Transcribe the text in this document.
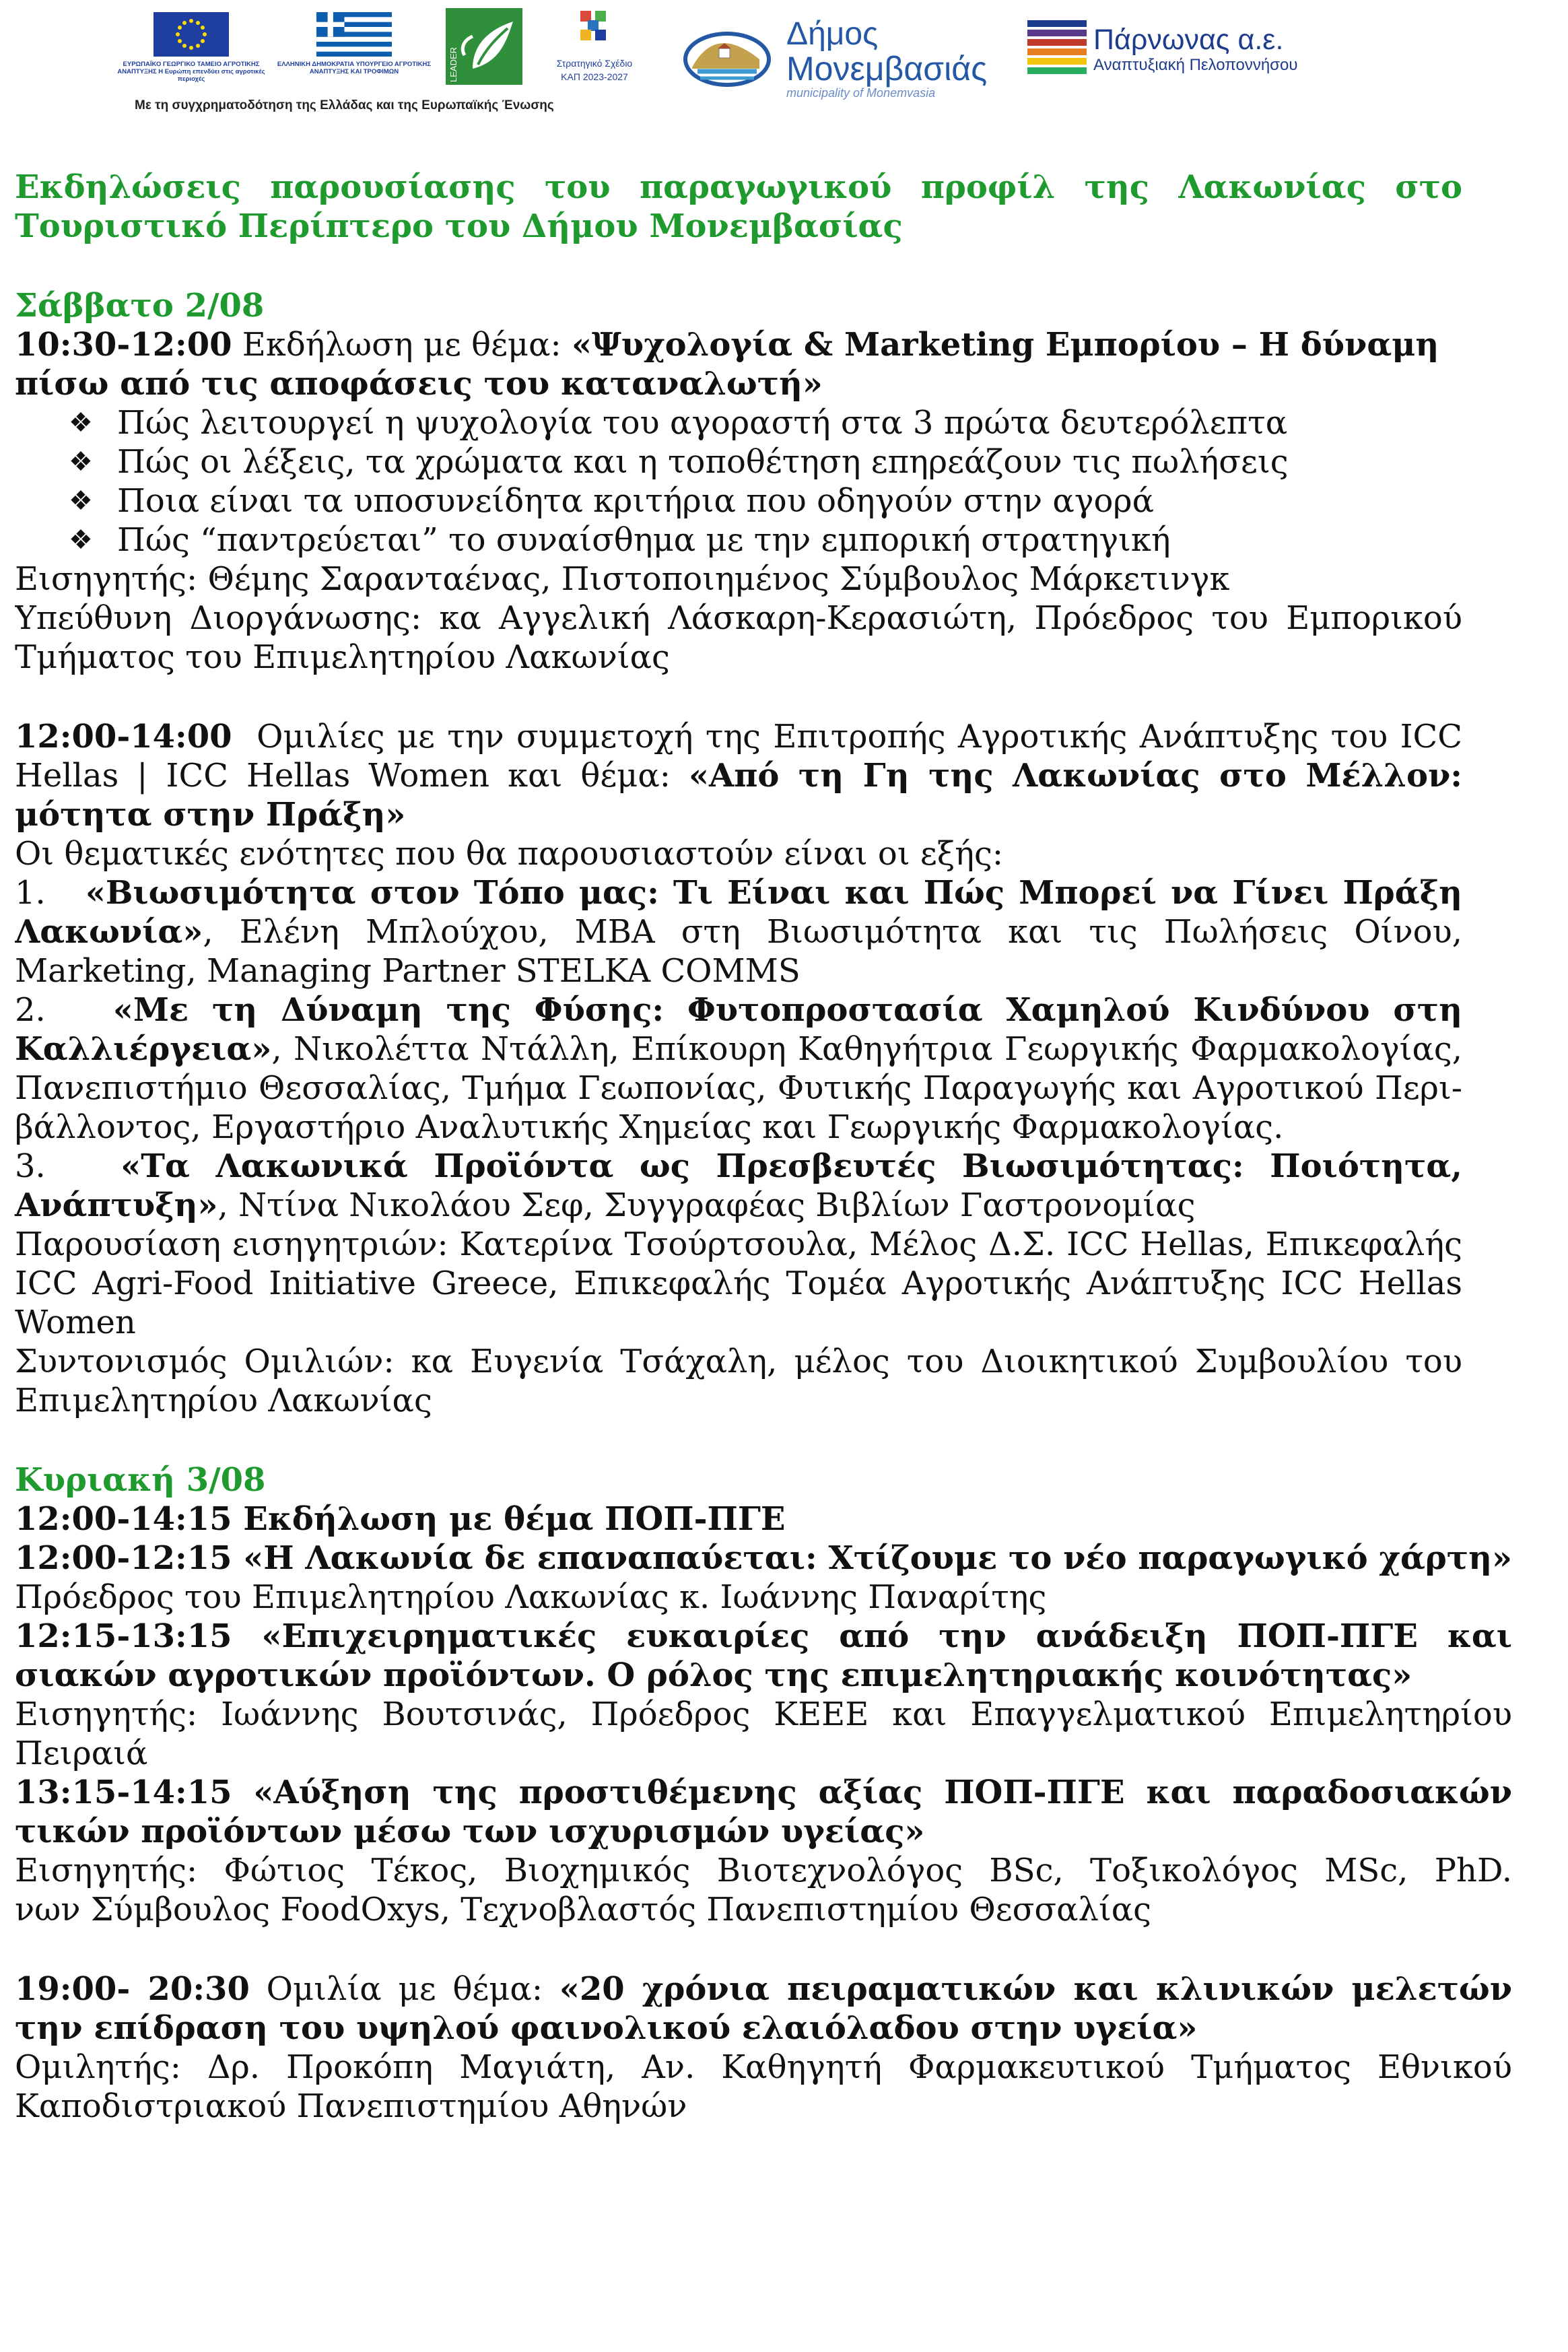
ΕΥΡΩΠΑΪΚΟ ΓΕΩΡΓΙΚΟ ΤΑΜΕΙΟ ΑΓΡΟΤΙΚΗΣ ΑΝΑΠΤΥΞΗΣ Η Ευρώπη επενδύει στις αγροτικές περιοχές
ΕΛΛΗΝΙΚΗ ΔΗΜΟΚΡΑΤΙΑ ΥΠΟΥΡΓΕΙΟ ΑΓΡΟΤΙΚΗΣ ΑΝΑΠΤΥΞΗΣ ΚΑΙ ΤΡΟΦΙΜΩΝ	LEADER	Στρατηγικό Σχέδιο
ΚΑΠ 2023-2027
Δήμος
Μονεμβασιάς
municipality of Monemvasia
Πάρνωνας α.ε.
Αναπτυξιακή Πελοποννήσου
Με τη συγχρηματοδότηση της Ελλάδας και της Ευρωπαϊκής Ένωσης
Εκδηλώσεις παρουσίασης του παραγωγικού προφίλ της Λακωνίας στο
Τουριστικό Περίπτερο του Δήμου Μονεμβασίας
Σάββατο 2/08
10:30-12:00 Εκδήλωση με θέμα: «Ψυχολογία & Marketing Εμπορίου – Η δύναμη
πίσω από τις αποφάσεις του καταναλωτή»
❖ Πώς λειτουργεί η ψυχολογία του αγοραστή στα 3 πρώτα δευτερόλεπτα
❖ Πώς οι λέξεις, τα χρώματα και η τοποθέτηση επηρεάζουν τις πωλήσεις
❖ Ποια είναι τα υποσυνείδητα κριτήρια που οδηγούν στην αγορά
❖ Πώς “παντρεύεται” το συναίσθημα με την εμπορική στρατηγική
Εισηγητής: Θέμης Σαρανταένας, Πιστοποιημένος Σύμβουλος Μάρκετινγκ
Υπεύθυνη Διοργάνωσης: κα Αγγελική Λάσκαρη-Κερασιώτη, Πρόεδρος του Εμπορικού
Τμήματος του Επιμελητηρίου Λακωνίας
12:00-14:00 Ομιλίες με την συμμετοχή της Επιτροπής Αγροτικής Ανάπτυξης του ICC
Hellas | ICC Hellas Women και θέμα: «Από τη Γη της Λακωνίας στο Μέλλον:
μότητα στην Πράξη»
Οι θεματικές ενότητες που θα παρουσιαστούν είναι οι εξής:
1. «Βιωσιμότητα στον Τόπο μας: Τι Είναι και Πώς Μπορεί να Γίνει Πράξη
Λακωνία», Ελένη Μπλούχου, MBA στη Βιωσιμότητα και τις Πωλήσεις Οίνου,
Marketing, Managing Partner STELKA COMMS
2. «Με τη Δύναμη της Φύσης: Φυτοπροστασία Χαμηλού Κινδύνου στη
Καλλιέργεια», Νικολέττα Ντάλλη, Επίκουρη Καθηγήτρια Γεωργικής Φαρμακολογίας,
Πανεπιστήμιο Θεσσαλίας, Τμήμα Γεωπονίας, Φυτικής Παραγωγής και Αγροτικού Περι-
βάλλοντος, Εργαστήριο Αναλυτικής Χημείας και Γεωργικής Φαρμακολογίας.
3. «Τα Λακωνικά Προϊόντα ως Πρεσβευτές Βιωσιμότητας: Ποιότητα,
Ανάπτυξη», Ντίνα Νικολάου Σεφ, Συγγραφέας Βιβλίων Γαστρονομίας
Παρουσίαση εισηγητριών: Κατερίνα Τσούρτσουλα, Μέλος Δ.Σ. ICC Hellas, Επικεφαλής
ICC Agri-Food Initiative Greece, Επικεφαλής Τομέα Αγροτικής Ανάπτυξης ICC Hellas
Women
Συντονισμός Ομιλιών: κα Ευγενία Τσάχαλη, μέλος του Διοικητικού Συμβουλίου του
Επιμελητηρίου Λακωνίας
Κυριακή 3/08
12:00-14:15 Εκδήλωση με θέμα ΠΟΠ-ΠΓΕ
12:00-12:15 «Η Λακωνία δε επαναπαύεται: Χτίζουμε το νέο παραγωγικό χάρτη»
Πρόεδρος του Επιμελητηρίου Λακωνίας κ. Ιωάννης Παναρίτης
12:15-13:15 «Επιχειρηματικές ευκαιρίες από την ανάδειξη ΠΟΠ-ΠΓΕ και
σιακών αγροτικών προϊόντων. Ο ρόλος της επιμελητηριακής κοινότητας»
Εισηγητής: Ιωάννης Βουτσινάς, Πρόεδρος ΚΕΕΕ και Επαγγελματικού Επιμελητηρίου
Πειραιά
13:15-14:15 «Αύξηση της προστιθέμενης αξίας ΠΟΠ-ΠΓΕ και παραδοσιακών
τικών προϊόντων μέσω των ισχυρισμών υγείας»
Εισηγητής: Φώτιος Τέκος, Βιοχημικός Βιοτεχνολόγος BSc, Τοξικολόγος MSc, PhD.
νων Σύμβουλος FoodOxys, Τεχνοβλαστός Πανεπιστημίου Θεσσαλίας
19:00- 20:30 Ομιλία με θέμα: «20 χρόνια πειραματικών και κλινικών μελετών
την επίδραση του υψηλού φαινολικού ελαιόλαδου στην υγεία»
Ομιλητής: Δρ. Προκόπη Μαγιάτη, Αν. Καθηγητή Φαρμακευτικού Τμήματος Εθνικού
Καποδιστριακού Πανεπιστημίου Αθηνών
